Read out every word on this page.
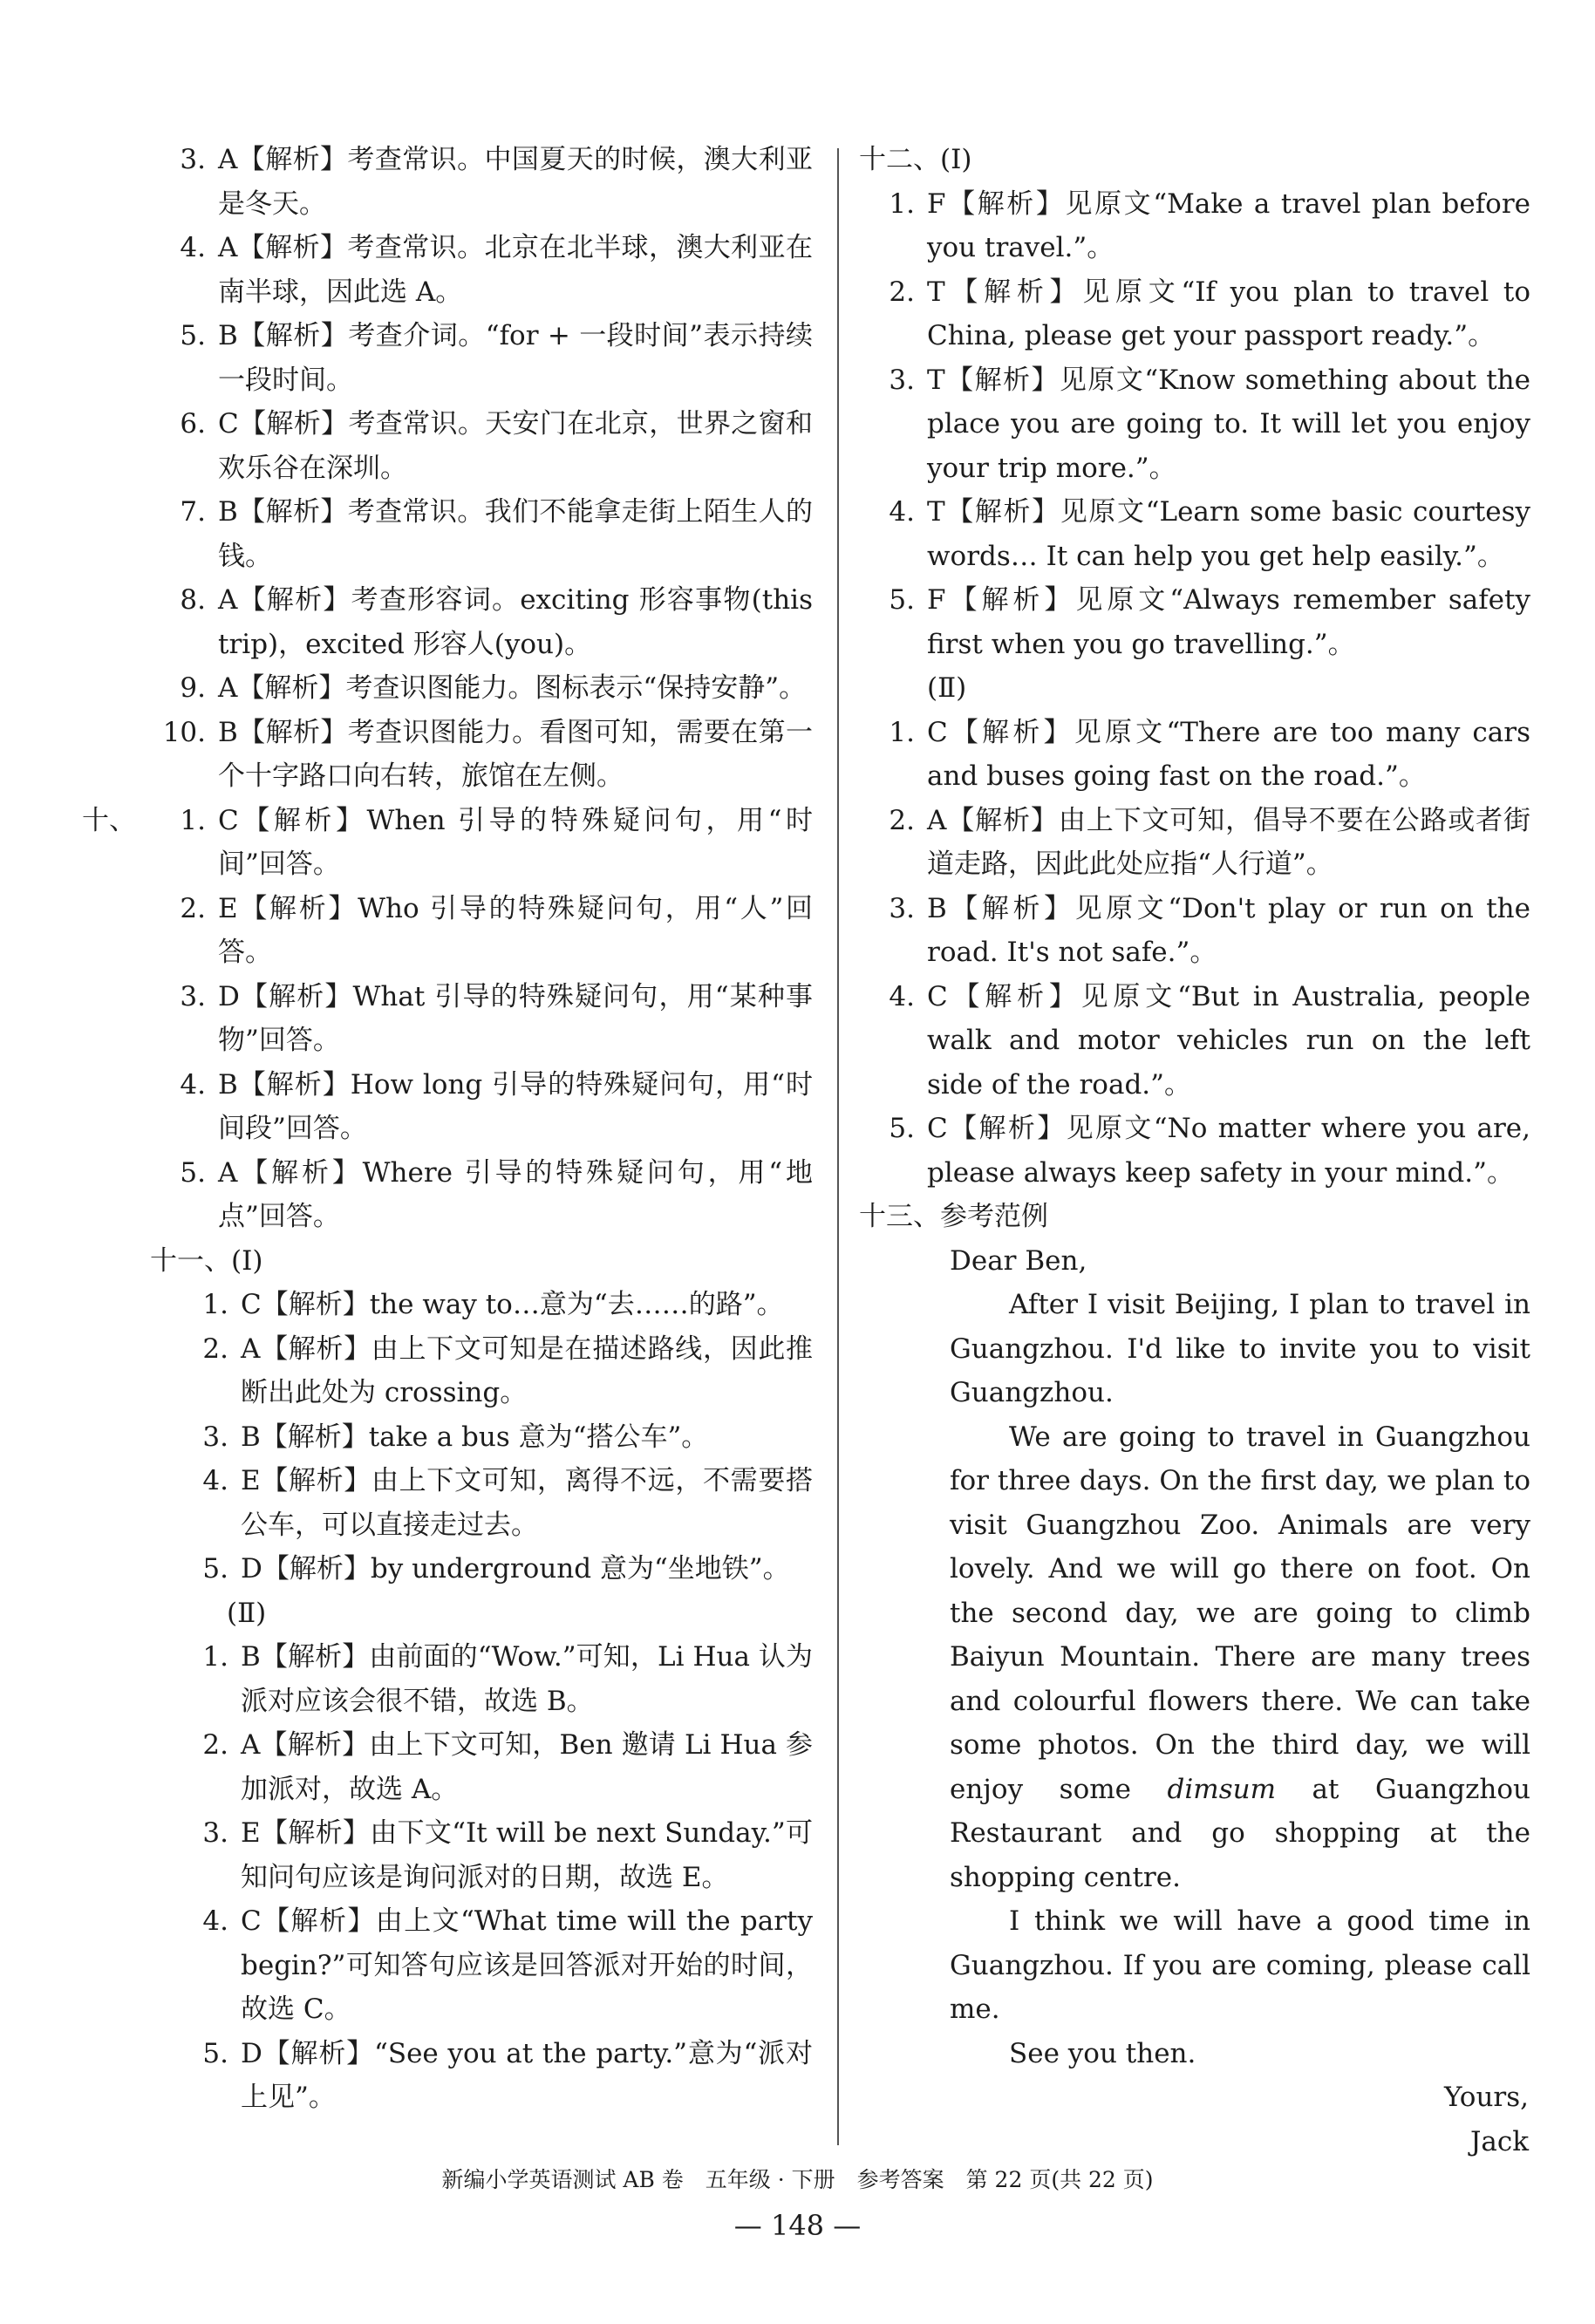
3. A【解析】考查常识。中国夏天的时候，澳大利亚是冬天。
4. A【解析】考查常识。北京在北半球，澳大利亚在南半球，因此选 A。
5. B【解析】考查介词。“for + 一段时间”表示持续一段时间。
6. C【解析】考查常识。天安门在北京，世界之窗和欢乐谷在深圳。
7. B【解析】考查常识。我们不能拿走街上陌生人的钱。
8. A【解析】考查形容词。exciting 形容事物(this trip)，excited 形容人(you)。
9. A【解析】考查识图能力。图标表示“保持安静”。
10. B【解析】考查识图能力。看图可知，需要在第一个十字路口向右转，旅馆在左侧。
十、	1. C【解析】When 引导的特殊疑问句，用“时间”回答。
2. E【解析】Who 引导的特殊疑问句，用“人”回答。
3. D【解析】What 引导的特殊疑问句，用“某种事物”回答。
4. B【解析】How long 引导的特殊疑问句，用“时间段”回答。
5. A【解析】Where 引导的特殊疑问句，用“地点”回答。
十一、(Ⅰ)
1. C【解析】the way to…意为“去……的路”。
2. A【解析】由上下文可知是在描述路线，因此推断出此处为 crossing。
3. B【解析】take a bus 意为“搭公车”。
4. E【解析】由上下文可知，离得不远，不需要搭公车，可以直接走过去。
5. D【解析】by underground 意为“坐地铁”。
(Ⅱ)
1. B【解析】由前面的“Wow.”可知，Li Hua 认为派对应该会很不错，故选 B。
2. A【解析】由上下文可知，Ben 邀请 Li Hua 参加派对，故选 A。
3. E【解析】由下文“It will be next Sunday.”可知问句应该是询问派对的日期，故选 E。
4. C【解析】由上文“What time will the party begin?”可知答句应该是回答派对开始的时间，故选 C。
5. D【解析】“See you at the party.”意为“派对上见”。
十二、(Ⅰ)
1. F【解析】见原文“Make a travel plan before you travel.”。
2. T【解析】见原文“If you plan to travel to China, please get your passport ready.”。
3. T【解析】见原文“Know something about the place you are going to. It will let you enjoy your trip more.”。
4. T【解析】见原文“Learn some basic courtesy words… It can help you get help easily.”。
5. F【解析】见原文“Always remember safety first when you go travelling.”。
(Ⅱ)
1. C【解析】见原文“There are too many cars and buses going fast on the road.”。
2. A【解析】由上下文可知，倡导不要在公路或者街道走路，因此此处应指“人行道”。
3. B【解析】见原文“Don't play or run on the road. It's not safe.”。
4. C【解析】见原文“But in Australia, people walk and motor vehicles run on the left side of the road.”。
5. C【解析】见原文“No matter where you are, please always keep safety in your mind.”。
十三、参考范例

Dear Ben,

After I visit Beijing, I plan to travel in Guangzhou. I'd like to invite you to visit Guangzhou.

We are going to travel in Guangzhou for three days. On the first day, we plan to visit Guangzhou Zoo. Animals are very lovely. And we will go there on foot. On the second day, we are going to climb Baiyun Mountain. There are many trees and colourful flowers there. We can take some photos. On the third day, we will enjoy some dimsum at Guangzhou Restaurant and go shopping at the shopping centre.

I think we will have a good time in Guangzhou. If you are coming, please call me.

See you then.

Yours,
Jack
新编小学英语测试 AB 卷　五年级 · 下册　参考答案　第 22 页(共 22 页)
— 148 —
